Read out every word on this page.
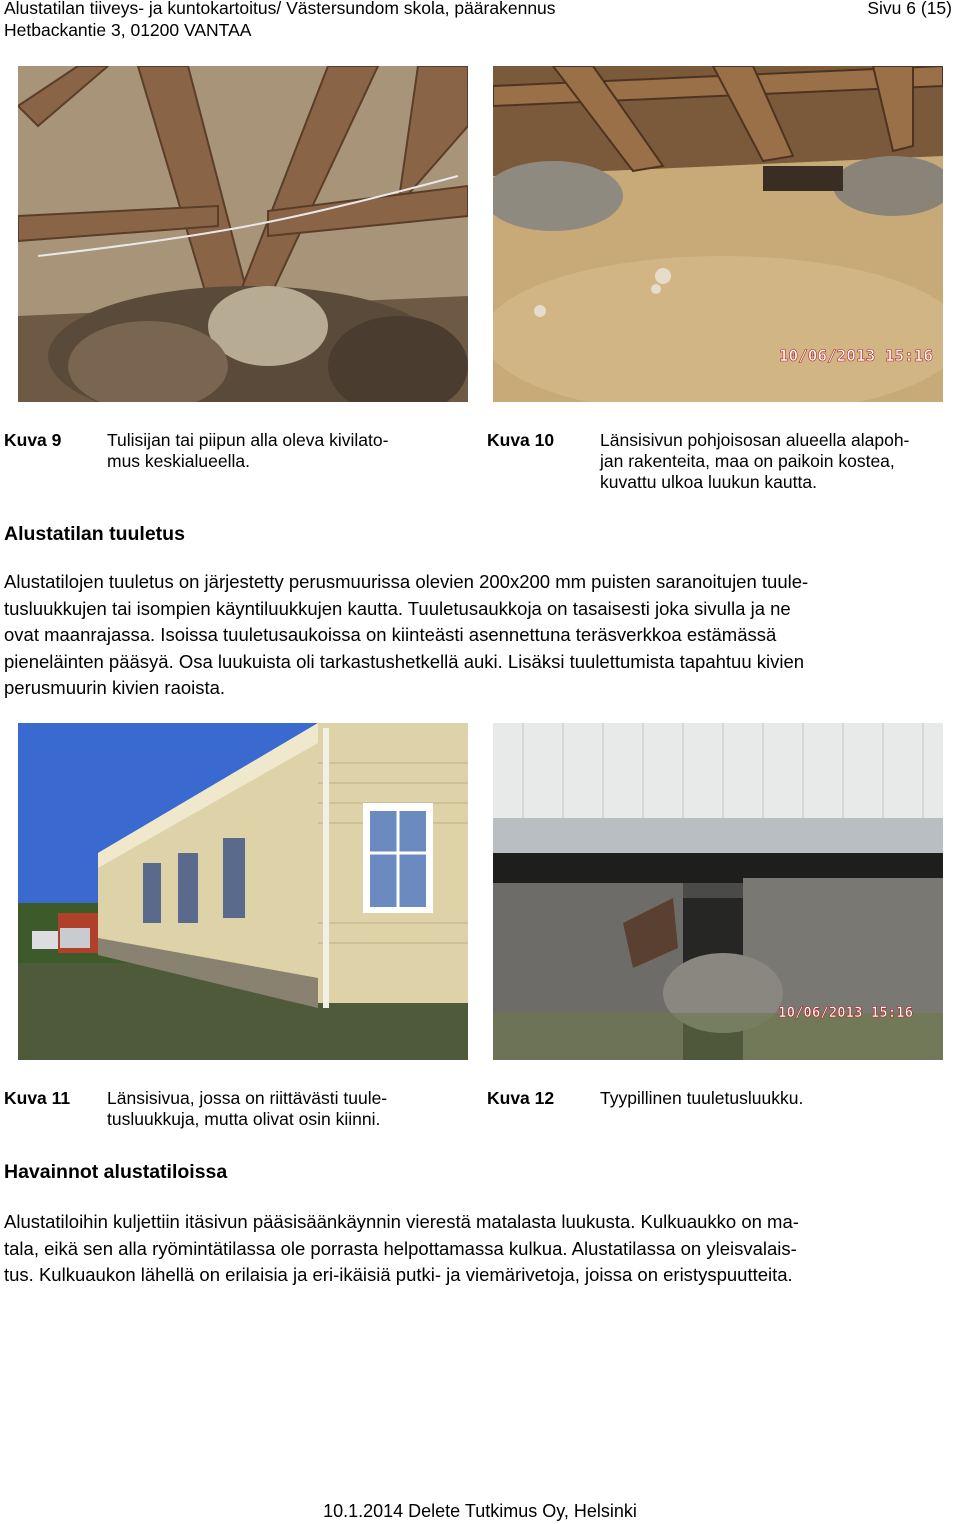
Alustatilan tiiveys- ja kuntokartoitus/ Västersundom skola, päärakennus
Hetbackantie 3, 01200 VANTAA
Sivu 6 (15)
10/06/2013 15:16
Kuva 9	Tulisijan tai piipun alla oleva kivilato-
mus keskialueella.
Kuva 10	Länsisivun pohjoisosan alueella alapoh-
jan rakenteita, maa on paikoin kostea,
kuvattu ulkoa luukun kautta.
Alustatilan tuuletus
Alustatilojen tuuletus on järjestetty perusmuurissa olevien 200x200 mm puisten saranoitujen tuule-
tusluukkujen tai isompien käyntiluukkujen kautta. Tuuletusaukkoja on tasaisesti joka sivulla ja ne
ovat maanrajassa. Isoissa tuuletusaukoissa on kiinteästi asennettuna teräsverkkoa estämässä
pieneläinten pääsyä. Osa luukuista oli tarkastushetkellä auki. Lisäksi tuulettumista tapahtuu kivien
perusmuurin kivien raoista.
10/06/2013 15:16
Kuva 11 Länsisivua, jossa on riittävästi tuule-
tusluukkuja, mutta olivat osin kiinni.
Kuva 12	Tyypillinen tuuletusluukku.
Havainnot alustatiloissa
Alustatiloihin kuljettiin itäsivun pääsisäänkäynnin vierestä matalasta luukusta. Kulkuaukko on ma-
tala, eikä sen alla ryömintätilassa ole porrasta helpottamassa kulkua. Alustatilassa on yleisvalais-
tus. Kulkuaukon lähellä on erilaisia ja eri-ikäisiä putki- ja viemärivetoja, joissa on eristyspuutteita.
10.1.2014 Delete Tutkimus Oy, Helsinki
